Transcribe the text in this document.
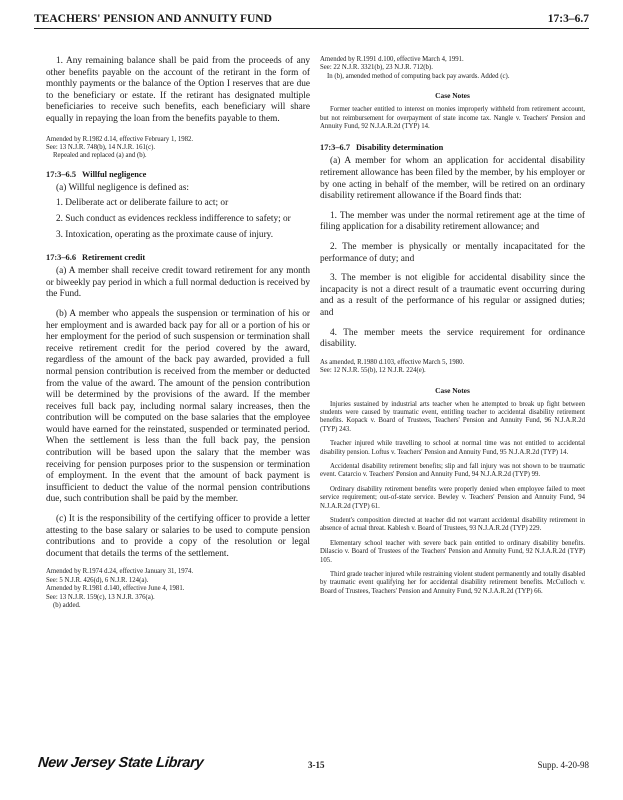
TEACHERS' PENSION AND ANNUITY FUND	17:3–6.7

1. Any remaining balance shall be paid from the proceeds of any other benefits payable on the account of the retirant in the form of monthly payments or the balance of the Option I reserves that are due to the beneficiary or estate. If the retirant has designated multiple beneficiaries to receive such benefits, each beneficiary will share equally in repaying the loan from the benefits payable to them.

Amended by R.1982 d.14, effective February 1, 1982.
See: 13 N.J.R. 748(b), 14 N.J.R. 161(c).
Repealed and replaced (a) and (b).
17:3–6.5 Willful negligence

(a) Willful negligence is defined as:

1. Deliberate act or deliberate failure to act; or

2. Such conduct as evidences reckless indifference to safety; or

3. Intoxication, operating as the proximate cause of injury.

17:3–6.6 Retirement credit

(a) A member shall receive credit toward retirement for any month or biweekly pay period in which a full normal deduction is received by the Fund.

(b) A member who appeals the suspension or termination of his or her employment and is awarded back pay for all or a portion of his or her employment for the period of such suspension or termination shall receive retirement credit for the period covered by the award, regardless of the amount of the back pay awarded, provided a full normal pension contribution is received from the member or deducted from the value of the award. The amount of the pension contribution will be determined by the provisions of the award. If the member receives full back pay, including normal salary increases, then the contribution will be computed on the base salaries that the employee would have earned for the reinstated, suspended or terminated period. When the settlement is less than the full back pay, the pension contribution will be based upon the salary that the member was receiving for pension purposes prior to the suspension or termination of employment. In the event that the amount of back payment is insufficient to deduct the value of the normal pension contributions due, such contribution shall be paid by the member.

(c) It is the responsibility of the certifying officer to provide a letter attesting to the base salary or salaries to be used to compute pension contributions and to provide a copy of the resolution or legal document that details the terms of the settlement.

Amended by R.1974 d.24, effective January 31, 1974.
See: 5 N.J.R. 426(d), 6 N.J.R. 124(a).
Amended by R.1981 d.140, effective June 4, 1981.
See: 13 N.J.R. 159(c), 13 N.J.R. 376(a).
(b) added.
Amended by R.1991 d.100, effective March 4, 1991.
See: 22 N.J.R. 3321(b), 23 N.J.R. 712(b).
In (b), amended method of computing back pay awards. Added (c).
Case Notes

Former teacher entitled to interest on monies improperly withheld from retirement account, but not reimbursement for overpayment of state income tax. Nangle v. Teachers' Pension and Annuity Fund, 92 N.J.A.R.2d (TYP) 14.

17:3–6.7 Disability determination

(a) A member for whom an application for accidental disability retirement allowance has been filed by the member, by his employer or by one acting in behalf of the member, will be retired on an ordinary disability retirement allowance if the Board finds that:

1. The member was under the normal retirement age at the time of filing application for a disability retirement allowance; and

2. The member is physically or mentally incapacitated for the performance of duty; and

3. The member is not eligible for accidental disability since the incapacity is not a direct result of a traumatic event occurring during and as a result of the performance of his regular or assigned duties; and

4. The member meets the service requirement for ordinance disability.

As amended, R.1980 d.103, effective March 5, 1980.
See: 12 N.J.R. 55(b), 12 N.J.R. 224(e).
Case Notes

Injuries sustained by industrial arts teacher when he attempted to break up fight between students were caused by traumatic event, entitling teacher to accidental disability retirement benefits. Kopack v. Board of Trustees, Teachers' Pension and Annuity Fund, 96 N.J.A.R.2d (TYP) 243.

Teacher injured while travelling to school at normal time was not entitled to accidental disability pension. Loftus v. Teachers' Pension and Annuity Fund, 95 N.J.A.R.2d (TYP) 14.

Accidental disability retirement benefits; slip and fall injury was not shown to be traumatic event. Catarcio v. Teachers' Pension and Annuity Fund, 94 N.J.A.R.2d (TYP) 99.

Ordinary disability retirement benefits were properly denied when employee failed to meet service requirement; out-of-state service. Bewley v. Teachers' Pension and Annuity Fund, 94 N.J.A.R.2d (TYP) 61.

Student's composition directed at teacher did not warrant accidental disability retirement in absence of actual threat. Kablesh v. Board of Trustees, 93 N.J.A.R.2d (TYP) 229.

Elementary school teacher with severe back pain entitled to ordinary disability benefits. Dilascio v. Board of Trustees of the Teachers' Pension and Annuity Fund, 92 N.J.A.R.2d (TYP) 105.

Third grade teacher injured while restraining violent student permanently and totally disabled by traumatic event qualifying her for accidental disability retirement benefits. McCulloch v. Board of Trustees, Teachers' Pension and Annuity Fund, 92 N.J.A.R.2d (TYP) 66.

New Jersey State Library	3-15	Supp. 4-20-98
